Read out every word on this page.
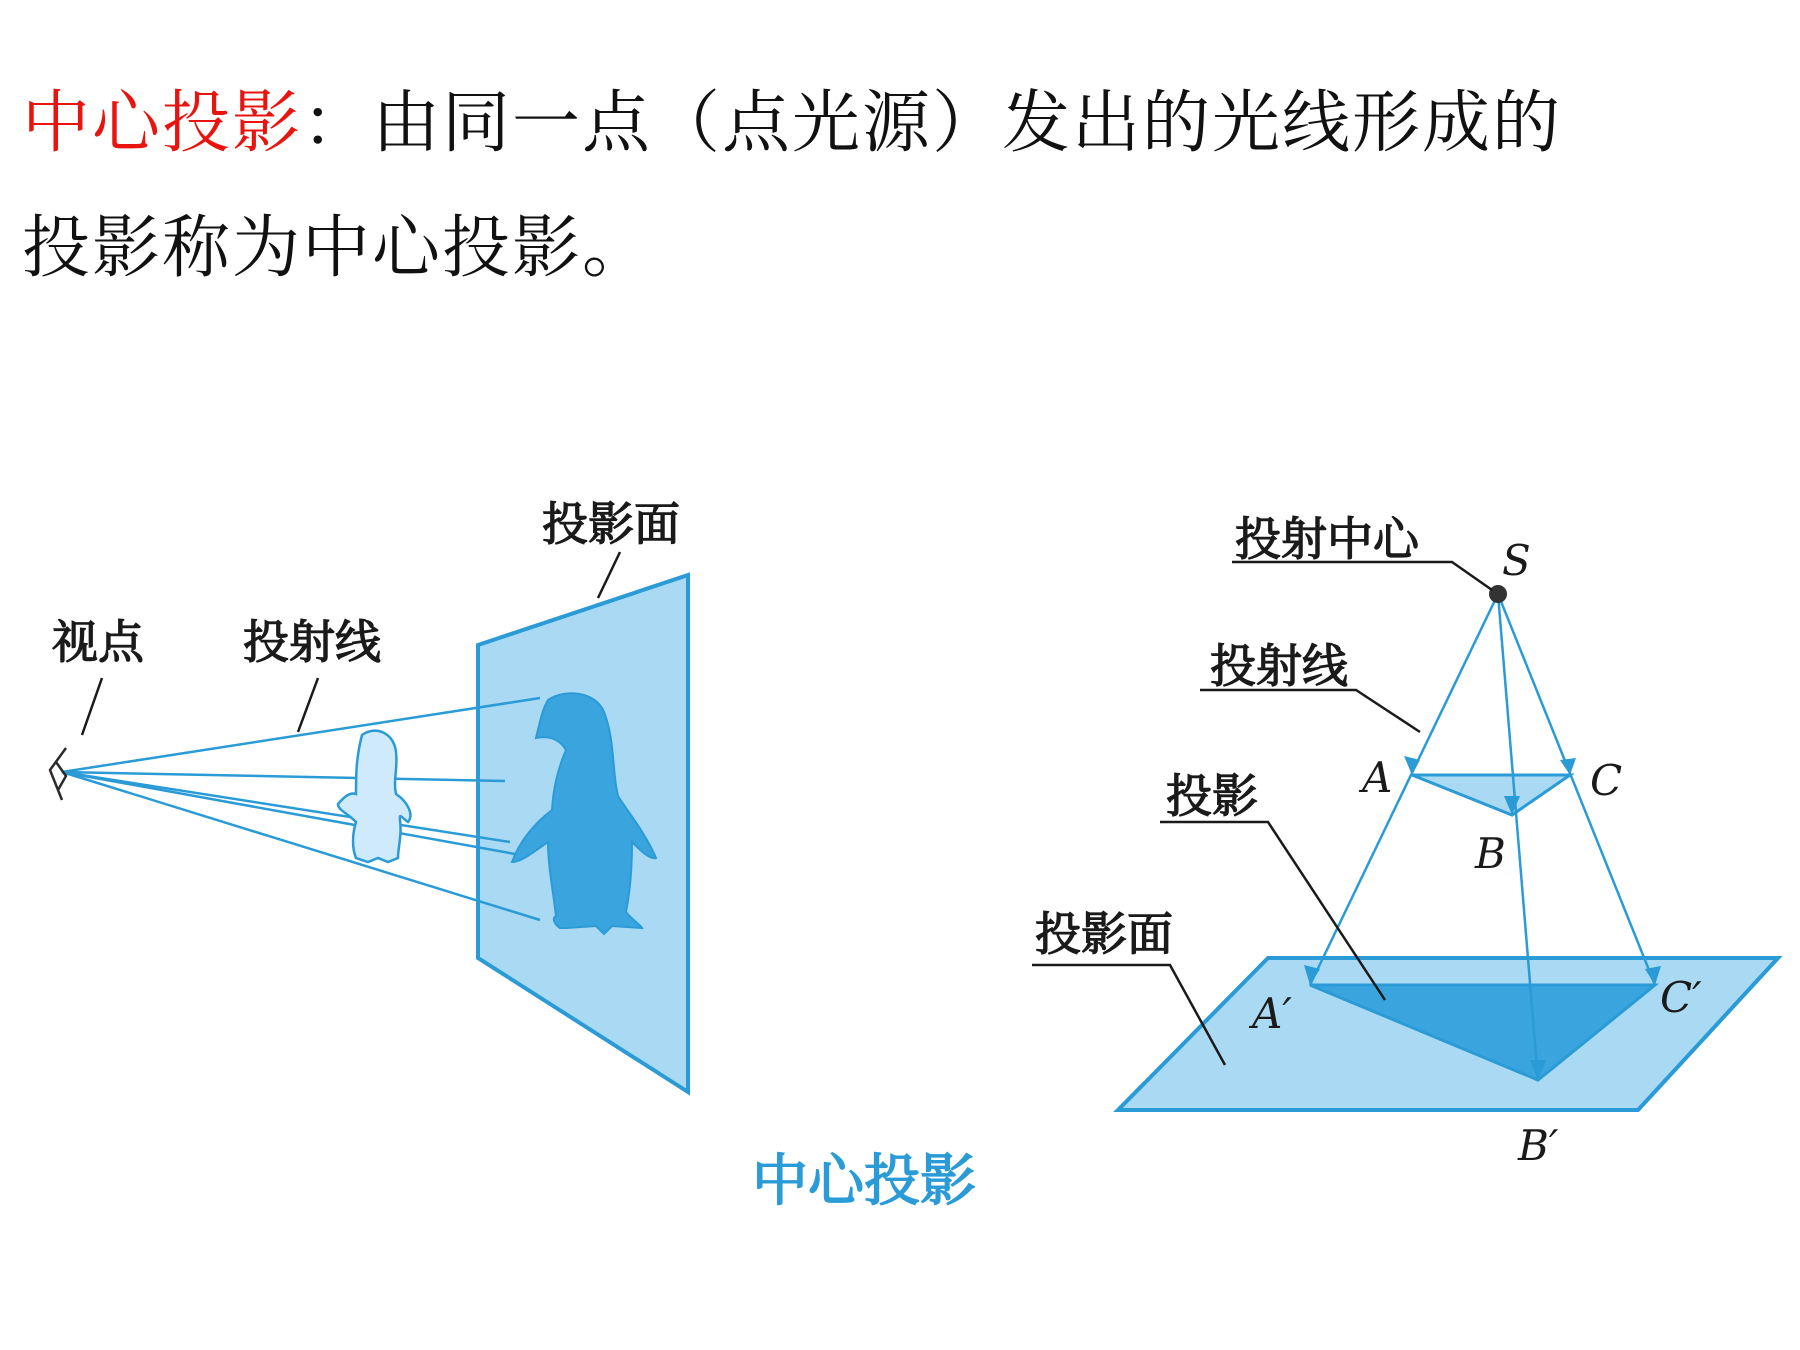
中心投影：由同一点（点光源）发出的光线形成的
投影称为中心投影。
视点 投射线
投影面	投射中心
投射线
投影
投影面
S
A
B
C
A′
B′
C′
中心投影
